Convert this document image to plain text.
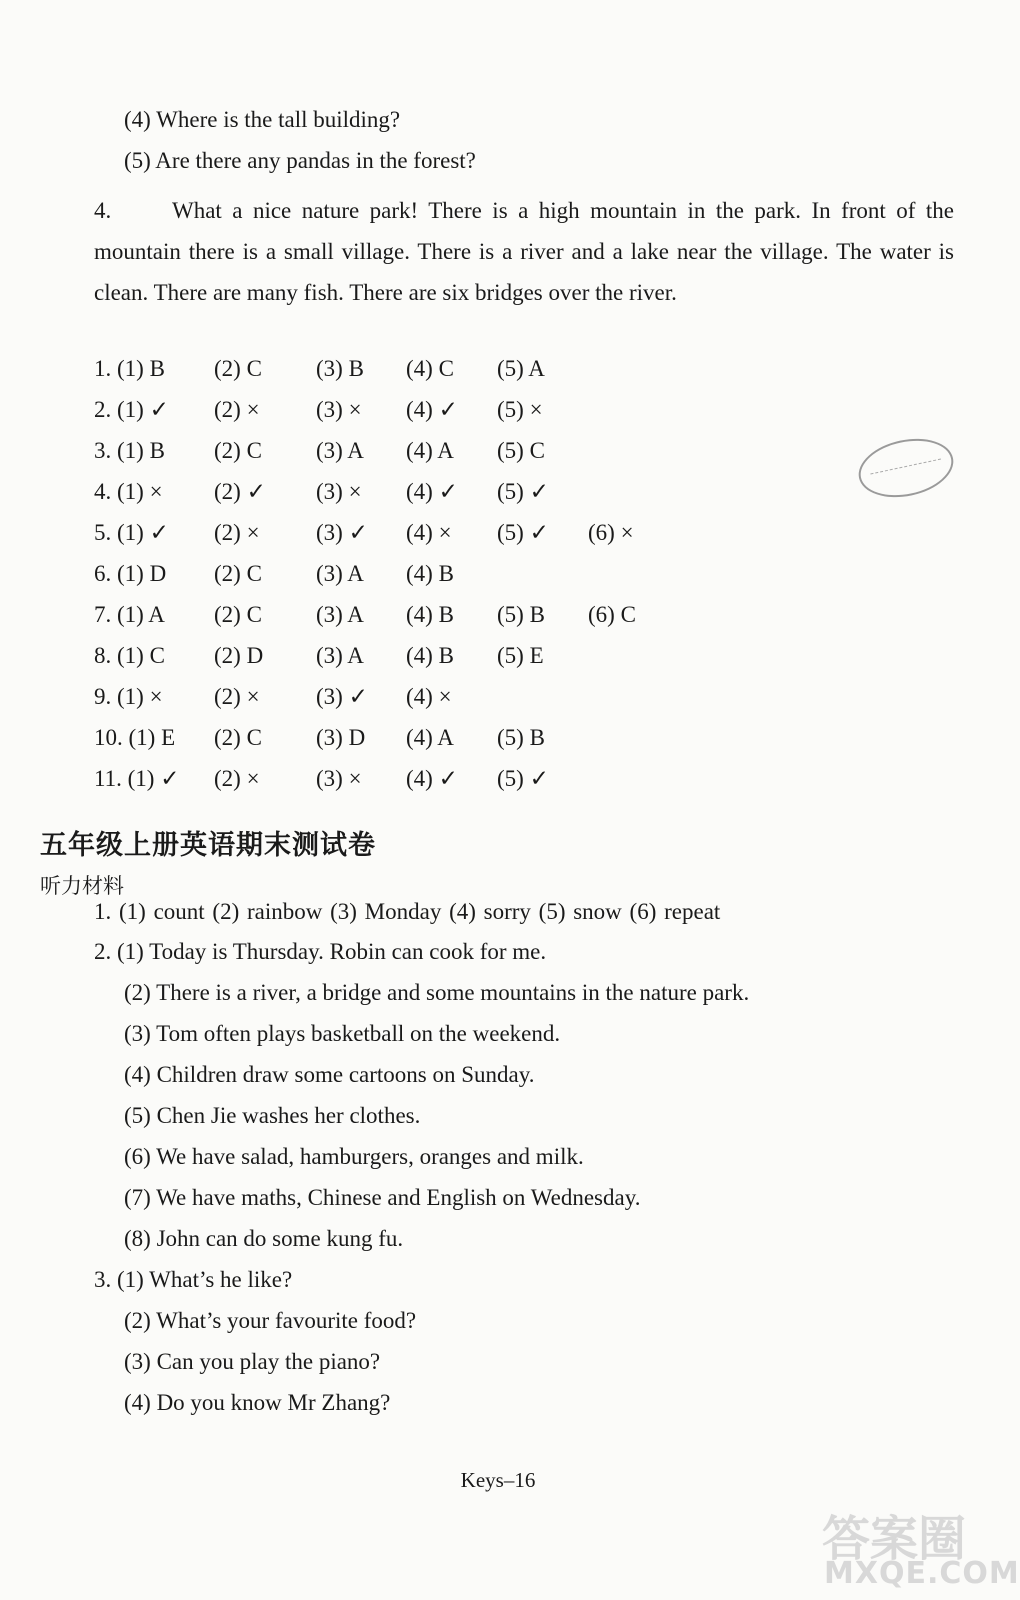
(4) Where is the tall building?
(5) Are there any pandas in the forest?
4.	What a nice nature park! There is a high mountain in the park. In front of the mountain there is a small village. There is a river and a lake near the village. The water is clean. There are many fish. There are six bridges over the river.
1. (1) B (2) C (3) B (4) C (5) A
2. (1) ✓ (2) × (3) × (4) ✓ (5) ×
3. (1) B (2) C (3) A (4) A (5) C
4. (1) × (2) ✓ (3) × (4) ✓ (5) ✓
5. (1) ✓ (2) × (3) ✓ (4) × (5) ✓ (6) ×
6. (1) D (2) C (3) A (4) B
7. (1) A (2) C (3) A (4) B (5) B (6) C
8. (1) C (2) D (3) A (4) B (5) E
9. (1) × (2) × (3) ✓ (4) ×
10. (1) E (2) C (3) D (4) A (5) B
11. (1) ✓ (2) × (3) × (4) ✓ (5) ✓
五年级上册英语期末测试卷
听力材料
1. (1) count (2) rainbow (3) Monday (4) sorry (5) snow (6) repeat
2. (1) Today is Thursday. Robin can cook for me.
(2) There is a river, a bridge and some mountains in the nature park.
(3) Tom often plays basketball on the weekend.
(4) Children draw some cartoons on Sunday.
(5) Chen Jie washes her clothes.
(6) We have salad, hamburgers, oranges and milk.
(7) We have maths, Chinese and English on Wednesday.
(8) John can do some kung fu.
3. (1) What’s he like?
(2) What’s your favourite food?
(3) Can you play the piano?
(4) Do you know Mr Zhang?
Keys–16
答案圈
MXQE.COM
